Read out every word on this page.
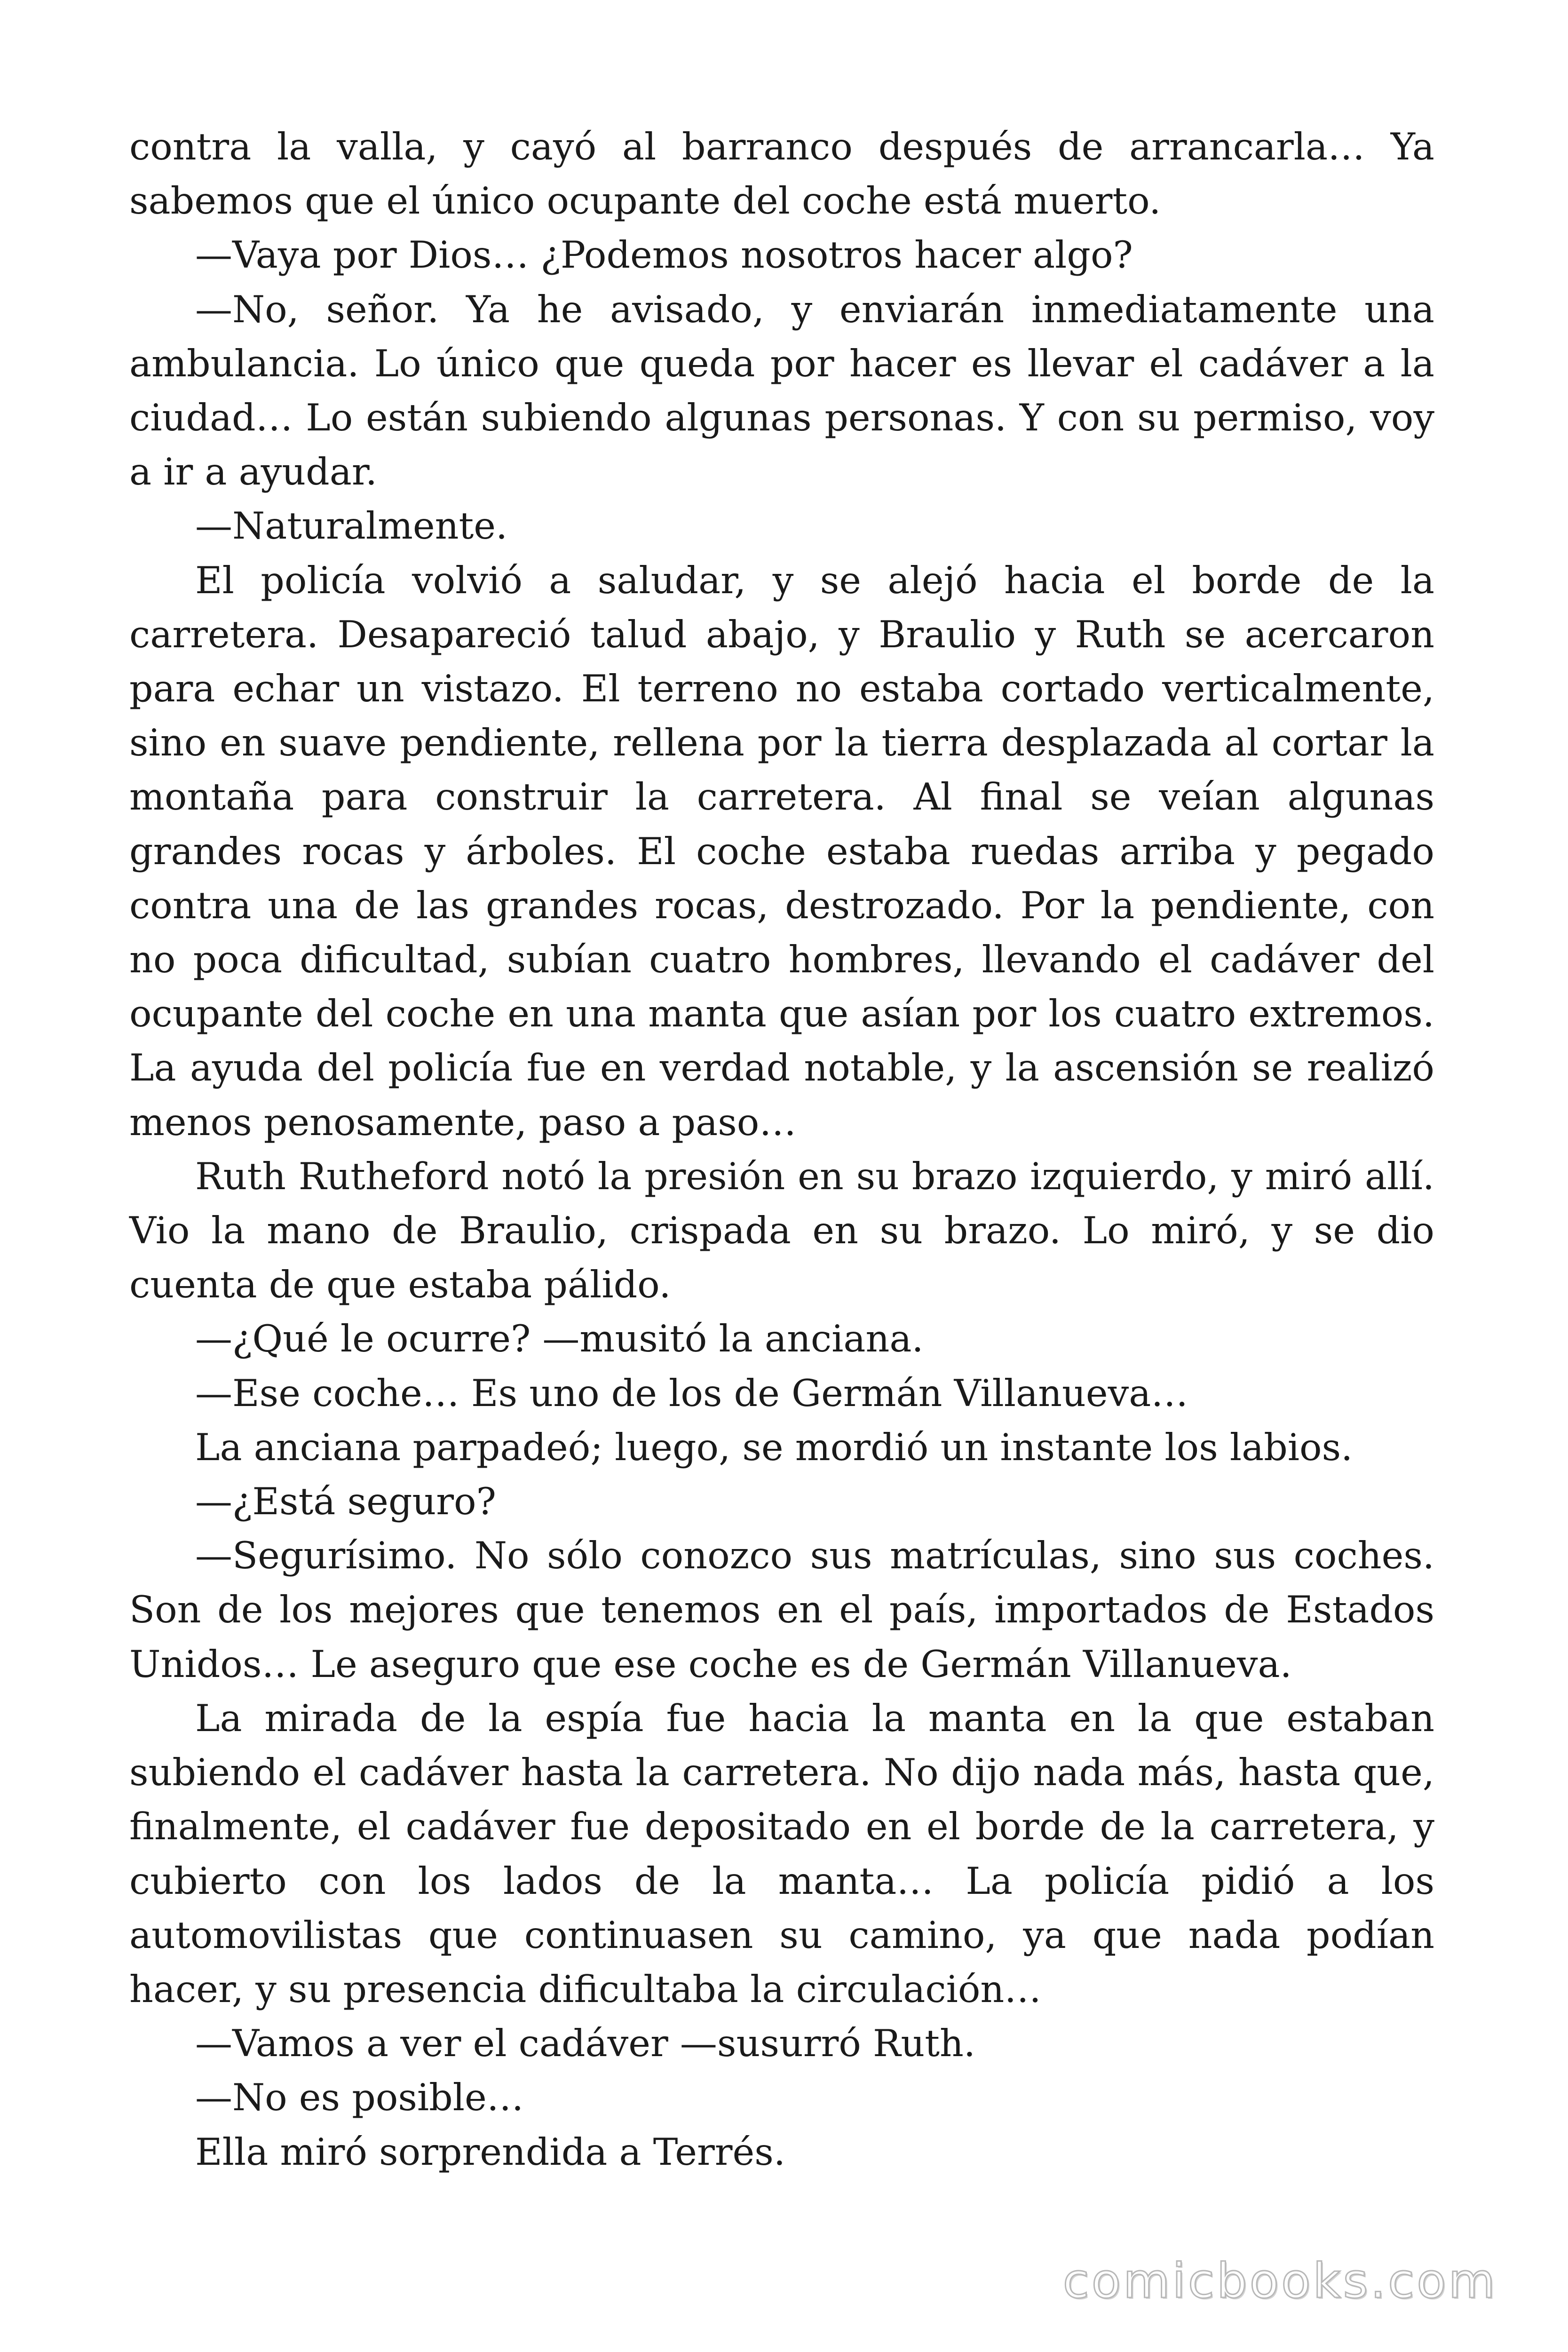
contra la valla, y cayó al barranco después de arrancarla… Ya sabemos que el único ocupante del coche está muerto.

—Vaya por Dios… ¿Podemos nosotros hacer algo?

—No, señor. Ya he avisado, y enviarán inmediatamente una ambulancia. Lo único que queda por hacer es llevar el cadáver a la ciudad… Lo están subiendo algunas personas. Y con su permiso, voy a ir a ayudar.

—Naturalmente.

El policía volvió a saludar, y se alejó hacia el borde de la carretera. Desapareció talud abajo, y Braulio y Ruth se acercaron para echar un vistazo. El terreno no estaba cortado verticalmente, sino en suave pendiente, rellena por la tierra desplazada al cortar la montaña para construir la carretera. Al final se veían algunas grandes rocas y árboles. El coche estaba ruedas arriba y pegado contra una de las grandes rocas, destrozado. Por la pendiente, con no poca dificultad, subían cuatro hombres, llevando el cadáver del ocupante del coche en una manta que asían por los cuatro extremos. La ayuda del policía fue en verdad notable, y la ascensión se realizó menos penosamente, paso a paso…

Ruth Rutheford notó la presión en su brazo izquierdo, y miró allí. Vio la mano de Braulio, crispada en su brazo. Lo miró, y se dio cuenta de que estaba pálido.

—¿Qué le ocurre? —musitó la anciana.

—Ese coche… Es uno de los de Germán Villanueva…

La anciana parpadeó; luego, se mordió un instante los labios.

—¿Está seguro?

—Segurísimo. No sólo conozco sus matrículas, sino sus coches. Son de los mejores que tenemos en el país, importados de Estados Unidos… Le aseguro que ese coche es de Germán Villanueva.

La mirada de la espía fue hacia la manta en la que estaban subiendo el cadáver hasta la carretera. No dijo nada más, hasta que, finalmente, el cadáver fue depositado en el borde de la carretera, y cubierto con los lados de la manta… La policía pidió a los automovilistas que continuasen su camino, ya que nada podían hacer, y su presencia dificultaba la circulación…

—Vamos a ver el cadáver —susurró Ruth.

—No es posible…

Ella miró sorprendida a Terrés.

comicbooks.com
